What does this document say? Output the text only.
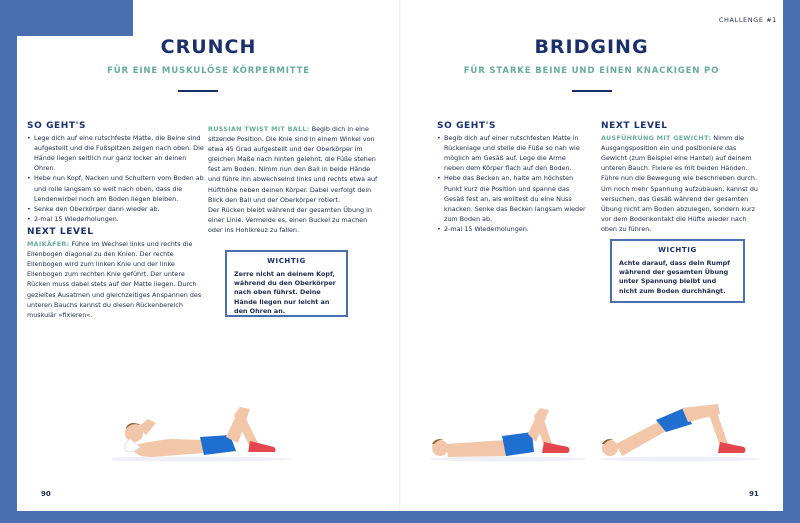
CRUNCH
FÜR EINE MUSKULÖSE KÖRPERMITTE
SO GEHT'S
• Lege dich auf eine rutschfeste Matte, die Beine sind aufgestellt und die Fußspitzen zeigen nach oben. Die Hände liegen seitlich nur ganz locker an deinen Ohren.
• Hebe nun Kopf, Nacken und Schultern vom Boden ab und rolle langsam so weit nach oben, dass die Lendenwirbel noch am Boden liegen bleiben.
• Senke den Oberkörper dann wieder ab.
• 2-mal 15 Wiederholungen.
NEXT LEVEL

MAIKÄFER: Führe im Wechsel links und rechts die Ellenbogen diagonal zu den Knien. Der rechte Ellenbogen wird zum linken Knie und der linke Ellenbogen zum rechten Knie geführt. Der untere Rücken muss dabei stets auf der Matte liegen. Durch gezieltes Ausatmen und gleichzeitiges Anspannen des unteren Bauchs kannst du diesen Rückenbereich muskulär »fixieren«.

RUSSIAN TWIST MIT BALL: Begib dich in eine sitzende Position. Die Knie sind in einem Winkel von etwa 45 Grad aufgestellt und der Oberkörper im gleichen Maße nach hinten gelehnt, die Füße stehen fest am Boden. Nimm nun den Ball in beide Hände und führe ihn abwechselnd links und rechts etwa auf Hüfthöhe neben deinen Körper. Dabei verfolgt dein Blick den Ball und der Oberkörper rotiert.

Der Rücken bleibt während der gesamten Übung in einer Linie. Vermeide es, einen Buckel zu machen oder ins Hohlkreuz zu fallen.

WICHTIG
Zerre nicht an deinem Kopf, während du den Oberkörper nach oben führst. Deine Hände liegen nur leicht an den Ohren an.
90
CHALLENGE #1
BRIDGING
FÜR STARKE BEINE UND EINEN KNACKIGEN PO
SO GEHT'S
• Begib dich auf einer rutschfesten Matte in Rückenlage und stelle die Füße so nah wie möglich am Gesäß auf. Lege die Arme neben dem Körper flach auf den Boden.
• Hebe das Becken an, halte am höchsten Punkt kurz die Position und spanne das Gesäß fest an, als wolltest du eine Nuss knacken. Senke das Becken langsam wieder zum Boden ab.
• 2-mal 15 Wiederholungen.
NEXT LEVEL

AUSFÜHRUNG MIT GEWICHT: Nimm die Ausgangsposition ein und positioniere das Gewicht (zum Beispiel eine Hantel) auf deinem unteren Bauch. Fixiere es mit beiden Händen. Führe nun die Bewegung wie beschrieben durch. Um noch mehr Spannung aufzubauen, kannst du versuchen, das Gesäß während der gesamten Übung nicht am Boden abzulegen, sondern kurz vor dem Bodenkontakt die Hüfte wieder nach oben zu führen.

WICHTIG
Achte darauf, dass dein Rumpf während der gesamten Übung unter Spannung bleibt und nicht zum Boden durchhängt.
91
